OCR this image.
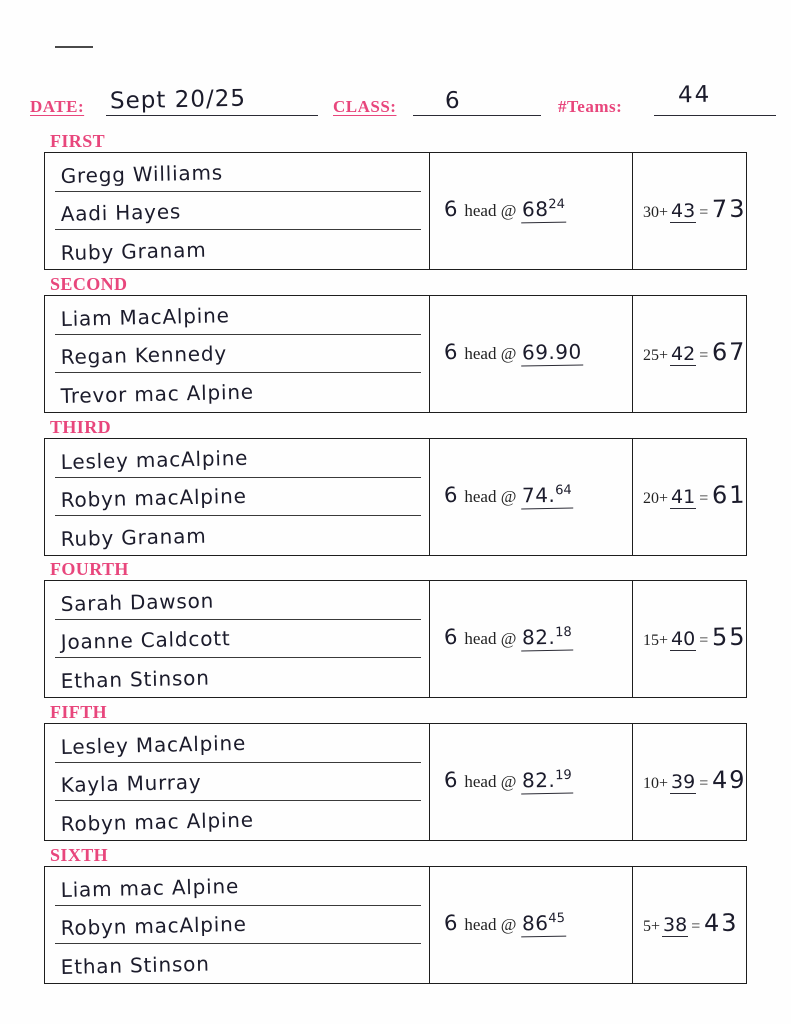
DATE: Sept 20/25	CLASS: 6	#Teams: 44
FIRST
Gregg Williams
Aadi Hayes
Ruby Granam
6 head @ $68^{24}$	30+ 43 = 73
SECOND
Liam MacAlpine
Regan Kennedy
Trevor mac Alpine
6 head @ 69.90	25+ 42 = 67
THIRD
Lesley macAlpine
Robyn macAlpine
Ruby Granam
6 head @ 74.64	20+ 41 = 61
FOURTH
Sarah Dawson
Joanne Caldcott
Ethan Stinson
6 head @ 82.18	15+ 40 = 55
FIFTH
Lesley MacAlpine
Kayla Murray
Robyn mac Alpine
6 head @ 82.19	10+ 39 = 49
SIXTH
Liam mac Alpine
Robyn macAlpine
Ethan Stinson
6 head @ $86^{45}$	5+ 38 = 43
